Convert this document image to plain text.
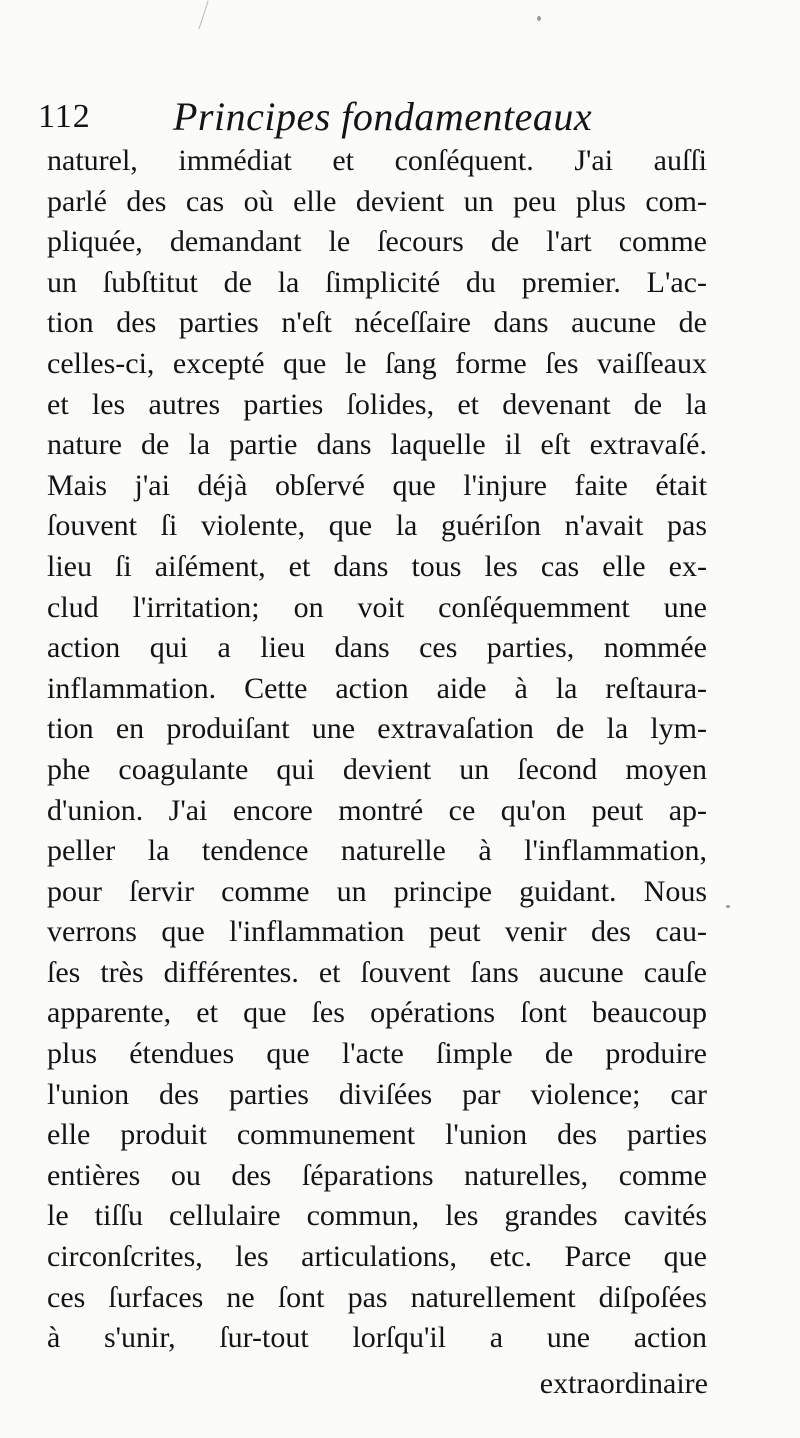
112 Principes fondamenteaux
naturel, immédiat et conſéquent. J'ai auſſi
parlé des cas où elle devient un peu plus com-
pliquée, demandant le ſecours de l'art comme
un ſubſtitut de la ſimplicité du premier. L'ac-
tion des parties n'eſt néceſſaire dans aucune de
celles-ci, excepté que le ſang forme ſes vaiſſeaux
et les autres parties ſolides, et devenant de la
nature de la partie dans laquelle il eſt extravaſé.
Mais j'ai déjà obſervé que l'injure faite était
ſouvent ſi violente, que la guériſon n'avait pas
lieu ſi aiſément, et dans tous les cas elle ex-
clud l'irritation; on voit conſéquemment une
action qui a lieu dans ces parties, nommée
inflammation. Cette action aide à la reſtaura-
tion en produiſant une extravaſation de la lym-
phe coagulante qui devient un ſecond moyen
d'union. J'ai encore montré ce qu'on peut ap-
peller la tendence naturelle à l'inflammation,
pour ſervir comme un principe guidant. Nous
verrons que l'inflammation peut venir des cau-
ſes très différentes. et ſouvent ſans aucune cauſe
apparente, et que ſes opérations ſont beaucoup
plus étendues que l'acte ſimple de produire
l'union des parties diviſées par violence; car
elle produit communement l'union des parties
entières ou des ſéparations naturelles, comme
le tiſſu cellulaire commun, les grandes cavités
circonſcrites, les articulations, etc. Parce que
ces ſurfaces ne ſont pas naturellement diſpoſées
à s'unir, ſur-tout lorſqu'il a une action
extraordinaire
